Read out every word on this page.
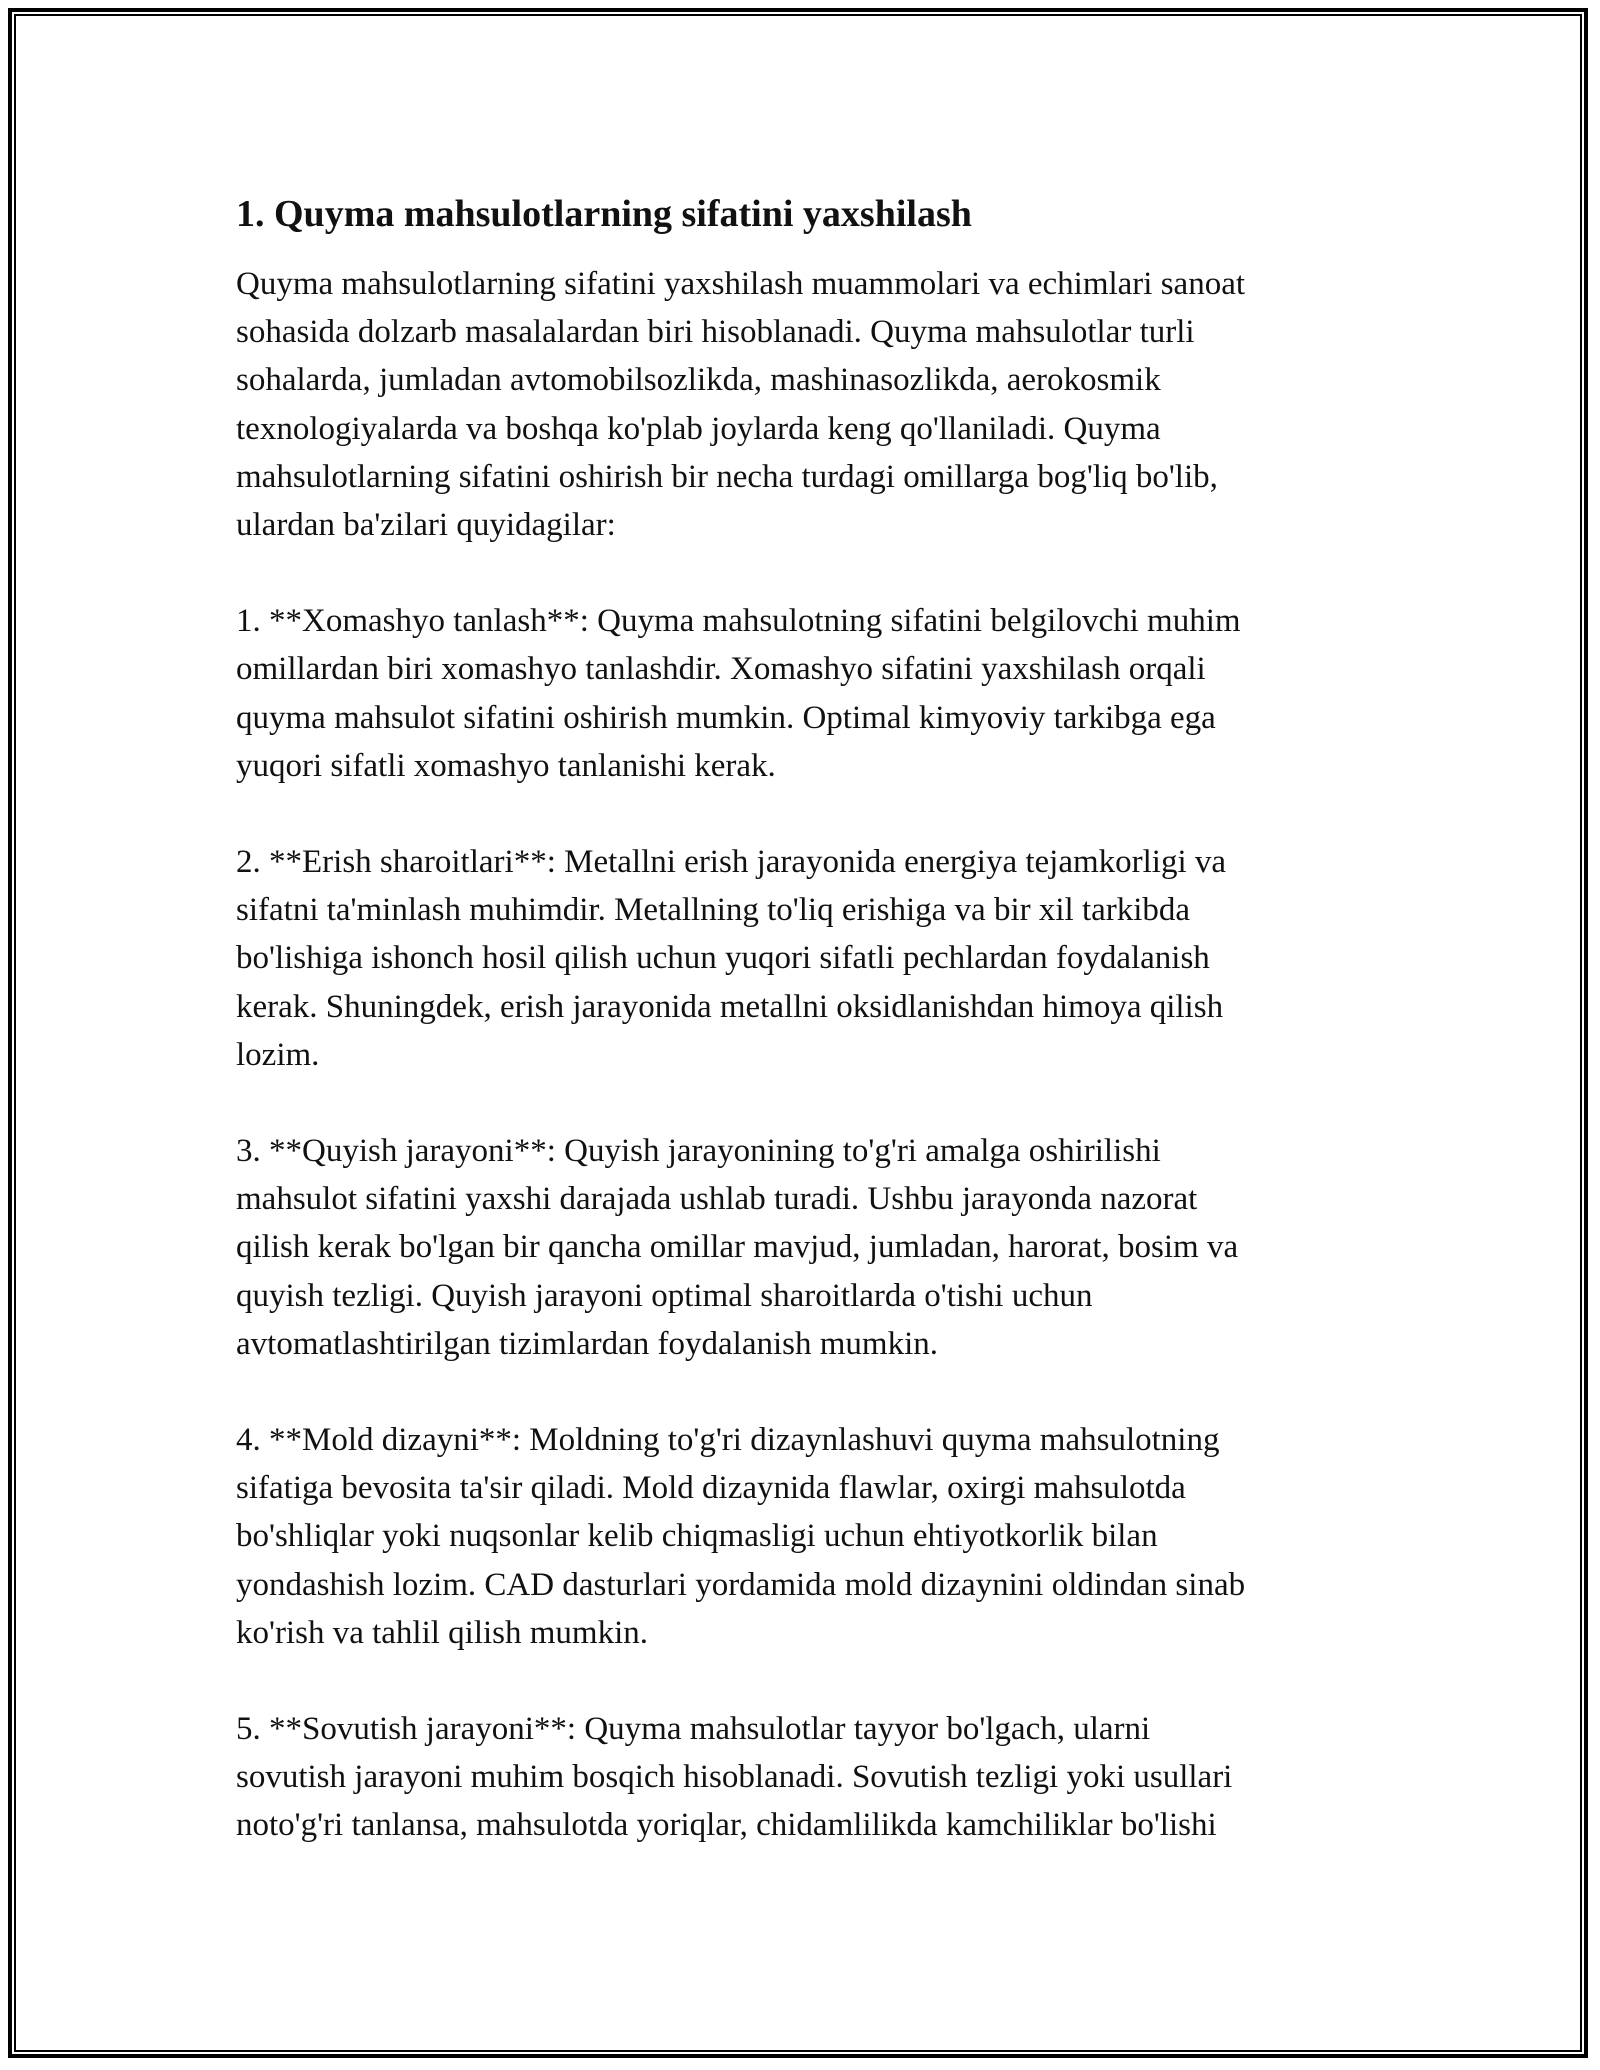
1. Quyma mahsulotlarning sifatini yaxshilash

Quyma mahsulotlarning sifatini yaxshilash muammolari va echimlari sanoat
sohasida dolzarb masalalardan biri hisoblanadi. Quyma mahsulotlar turli
sohalarda, jumladan avtomobilsozlikda, mashinasozlikda, aerokosmik
texnologiyalarda va boshqa ko'plab joylarda keng qo'llaniladi. Quyma
mahsulotlarning sifatini oshirish bir necha turdagi omillarga bog'liq bo'lib,
ulardan ba'zilari quyidagilar:

1. **Xomashyo tanlash**: Quyma mahsulotning sifatini belgilovchi muhim
omillardan biri xomashyo tanlashdir. Xomashyo sifatini yaxshilash orqali
quyma mahsulot sifatini oshirish mumkin. Optimal kimyoviy tarkibga ega
yuqori sifatli xomashyo tanlanishi kerak.

2. **Erish sharoitlari**: Metallni erish jarayonida energiya tejamkorligi va
sifatni ta'minlash muhimdir. Metallning to'liq erishiga va bir xil tarkibda
bo'lishiga ishonch hosil qilish uchun yuqori sifatli pechlardan foydalanish
kerak. Shuningdek, erish jarayonida metallni oksidlanishdan himoya qilish
lozim.

3. **Quyish jarayoni**: Quyish jarayonining to'g'ri amalga oshirilishi
mahsulot sifatini yaxshi darajada ushlab turadi. Ushbu jarayonda nazorat
qilish kerak bo'lgan bir qancha omillar mavjud, jumladan, harorat, bosim va
quyish tezligi. Quyish jarayoni optimal sharoitlarda o'tishi uchun
avtomatlashtirilgan tizimlardan foydalanish mumkin.

4. **Mold dizayni**: Moldning to'g'ri dizaynlashuvi quyma mahsulotning
sifatiga bevosita ta'sir qiladi. Mold dizaynida flawlar, oxirgi mahsulotda
bo'shliqlar yoki nuqsonlar kelib chiqmasligi uchun ehtiyotkorlik bilan
yondashish lozim. CAD dasturlari yordamida mold dizaynini oldindan sinab
ko'rish va tahlil qilish mumkin.

5. **Sovutish jarayoni**: Quyma mahsulotlar tayyor bo'lgach, ularni
sovutish jarayoni muhim bosqich hisoblanadi. Sovutish tezligi yoki usullari
noto'g'ri tanlansa, mahsulotda yoriqlar, chidamlilikda kamchiliklar bo'lishi
